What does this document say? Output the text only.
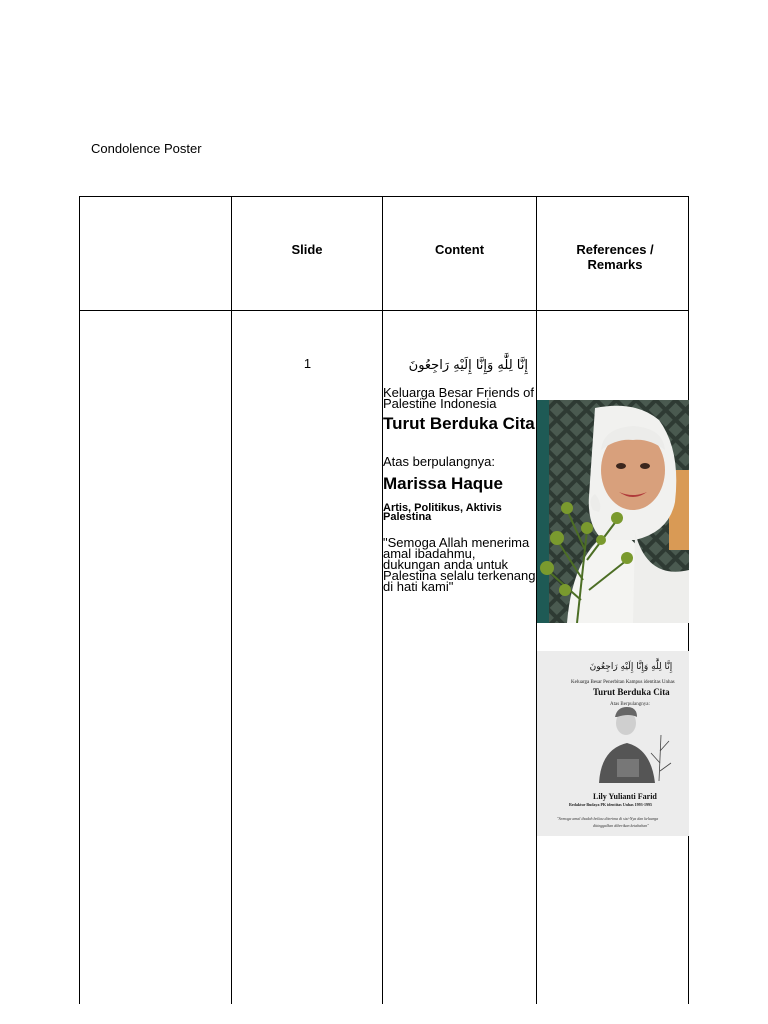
Condolence Poster
Slide	Content	References / Remarks
1	إِنَّا لِلَّٰهِ وَإِنَّا إِلَيْهِ رَاجِعُونَ
Keluarga Besar Friends of Palestine Indonesia
Turut Berduka Cita
Atas berpulangnya:
Marissa Haque
Artis, Politikus, Aktivis Palestina
"Semoga Allah menerima amal ibadahmu, dukungan anda untuk Palestina selalu terkenang di hati kami"
إِنَّا لِلَّٰهِ وَإِنَّا إِلَيْهِ رَاجِعُونَ
Keluarga Besar Penerbitan Kampus identitas Unhas
Turut Berduka Cita
Atas Berpulangnya:
Lily Yulianti Farid
Redaktur Budaya PK identitas Unhas 1993-1995
"Semoga amal ibadah beliau diterima di sisi-Nya dan keluarga
ditinggalkan diberikan ketabahan"
